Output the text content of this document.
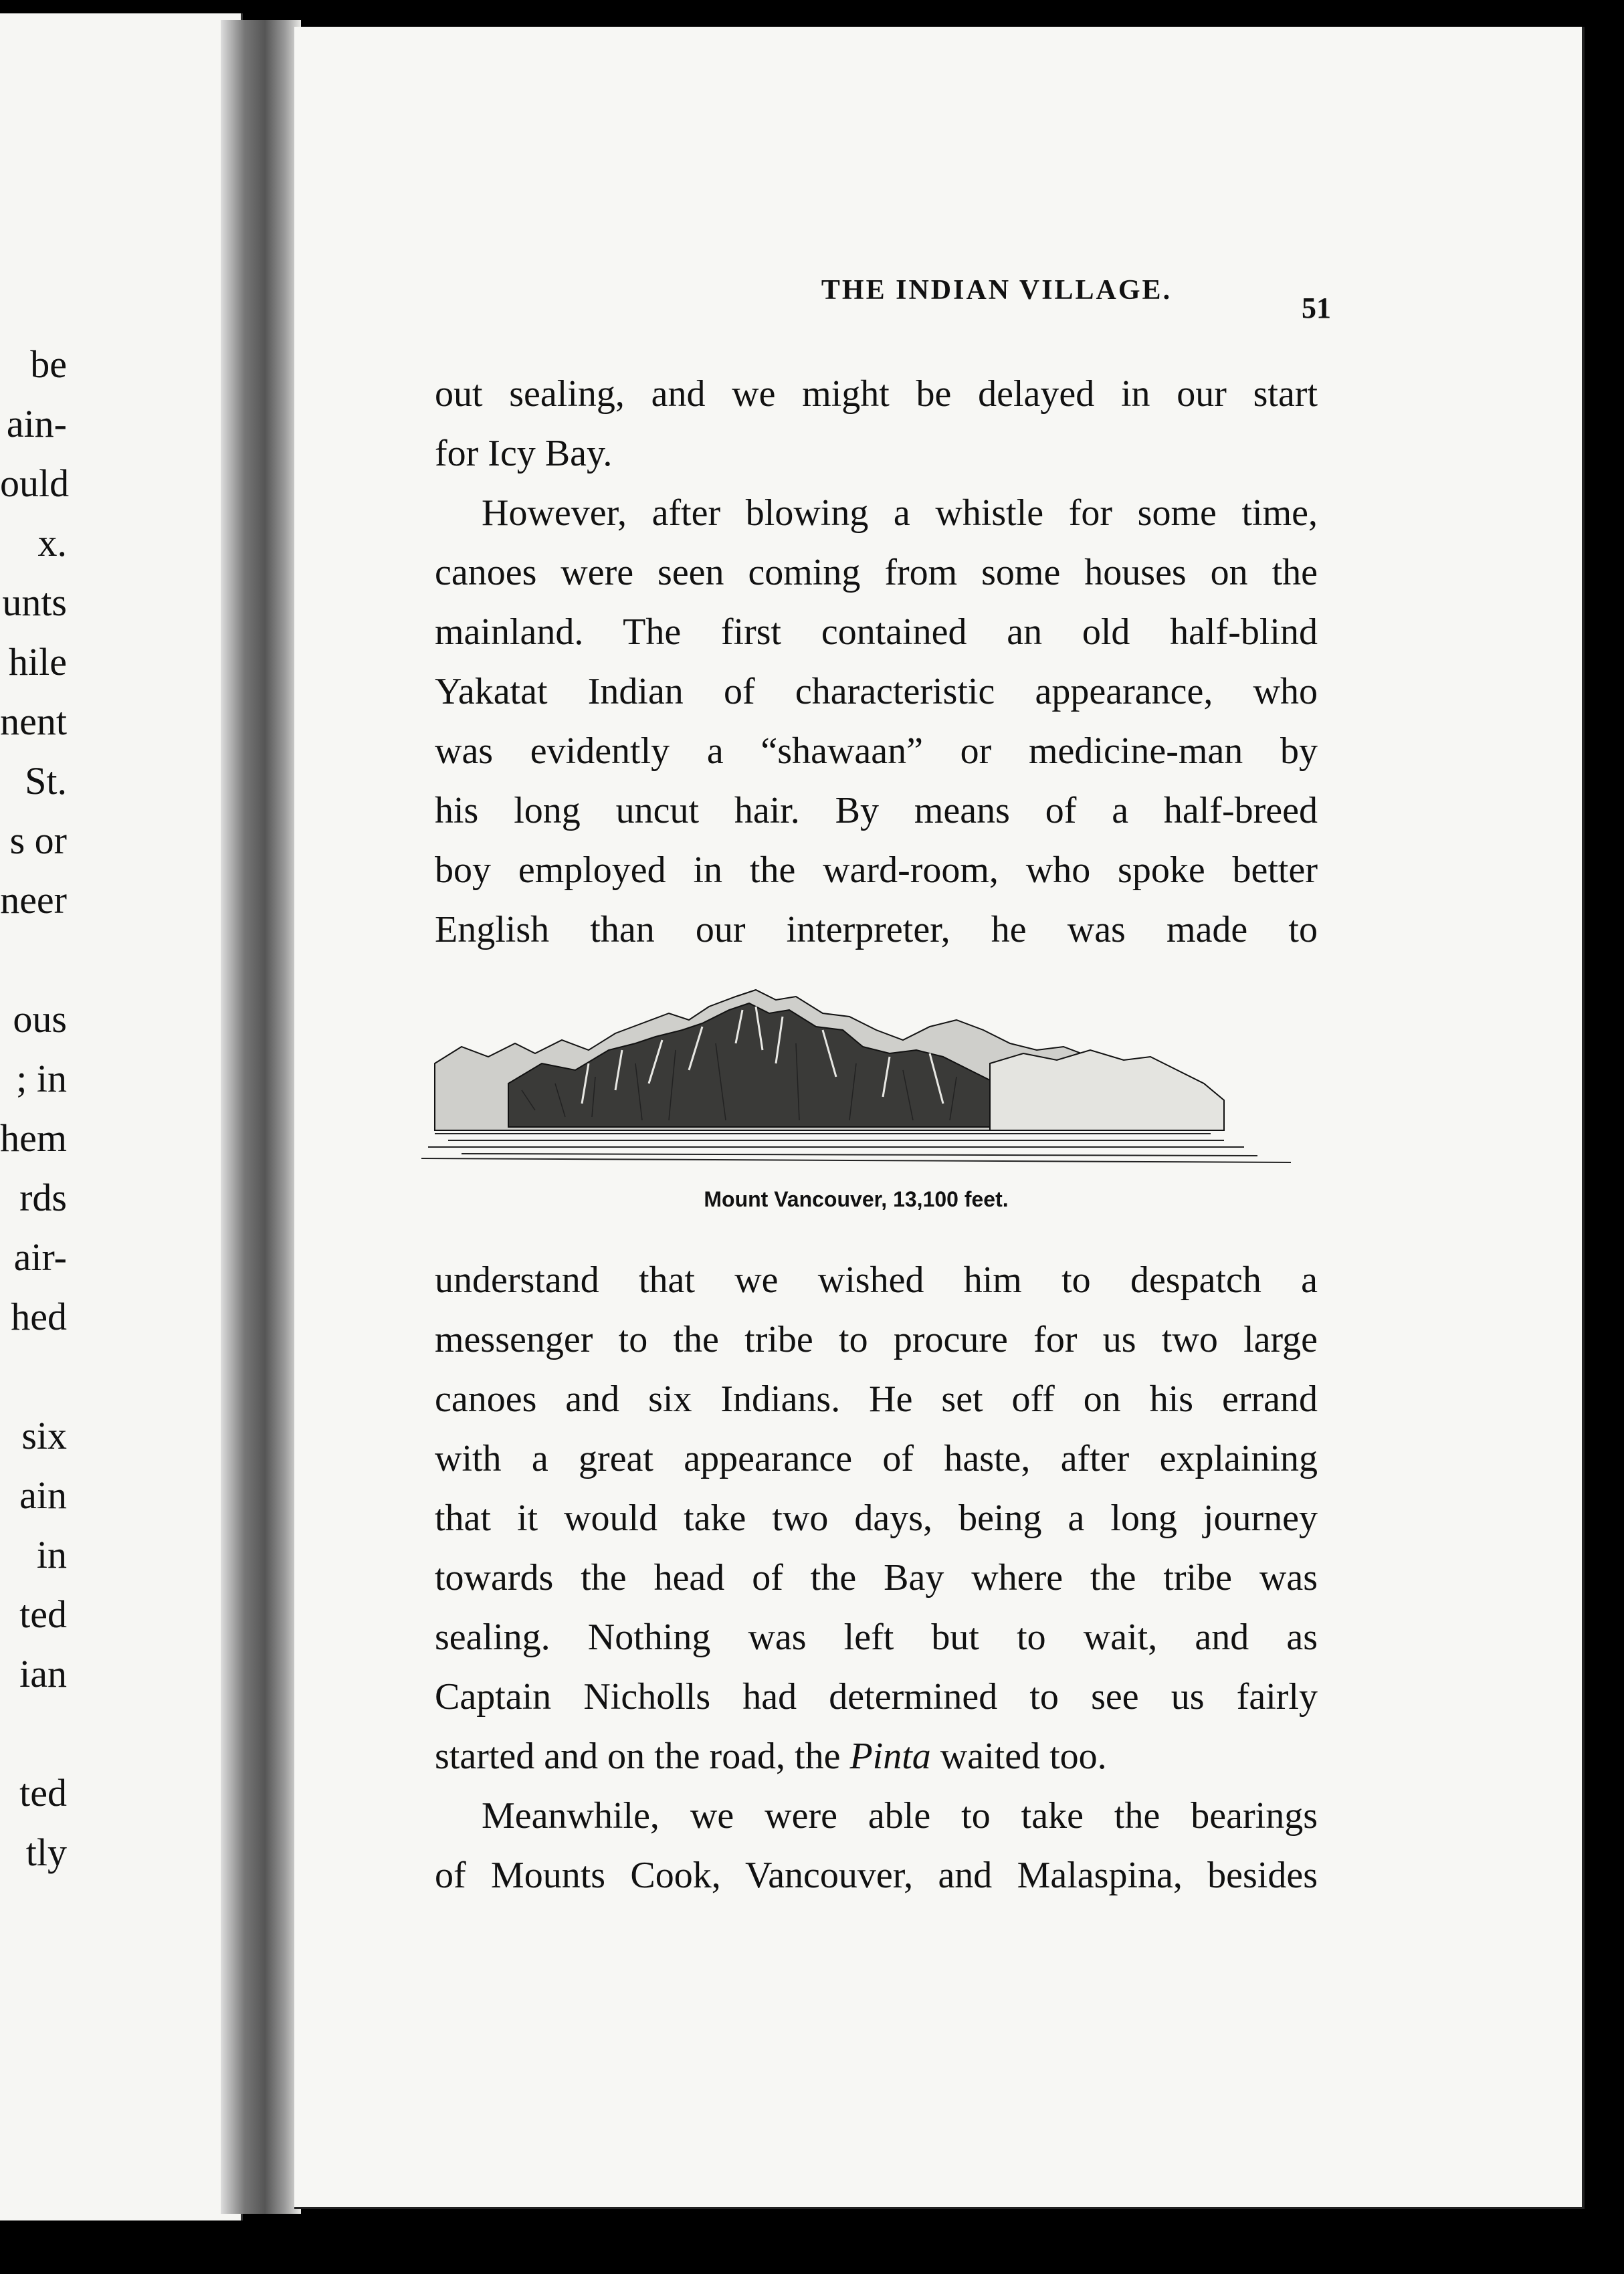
be
ain-
ould
x.
unts
hile
nent
St.
s or
neer
ous
; in
hem
rds
air-
hed
six
ain
in
ted
ian
ted
tly
THE INDIAN VILLAGE.
51
out sealing, and we might be delayed in our start
for Icy Bay.
However, after blowing a whistle for some time,
canoes were seen coming from some houses on the
mainland. The first contained an old half-blind
Yakatat Indian of characteristic appearance, who
was evidently a “shawaan” or medicine-man by
his long uncut hair. By means of a half-breed
boy employed in the ward-room, who spoke better
English than our interpreter, he was made to
Mount Vancouver, 13,100 feet.
understand that we wished him to despatch a
messenger to the tribe to procure for us two large
canoes and six Indians. He set off on his errand
with a great appearance of haste, after explaining
that it would take two days, being a long journey
towards the head of the Bay where the tribe was
sealing. Nothing was left but to wait, and as
Captain Nicholls had determined to see us fairly
started and on the road, the Pinta waited too.
Meanwhile, we were able to take the bearings
of Mounts Cook, Vancouver, and Malaspina, besides
